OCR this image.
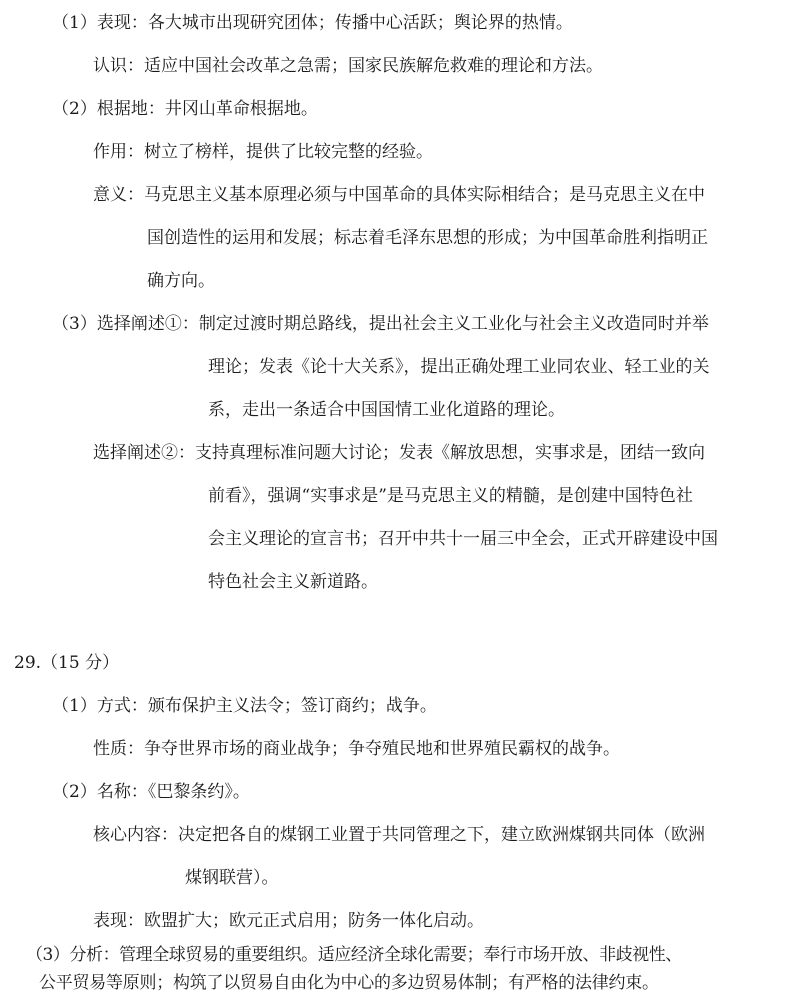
（1）表现：各大城市出现研究团体；传播中心活跃；舆论界的热情。
认识：适应中国社会改革之急需；国家民族解危救难的理论和方法。
（2）根据地：井冈山革命根据地。
作用：树立了榜样，提供了比较完整的经验。
意义：马克思主义基本原理必须与中国革命的具体实际相结合；是马克思主义在中
国创造性的运用和发展；标志着毛泽东思想的形成；为中国革命胜利指明正
确方向。
（3）选择阐述①：制定过渡时期总路线，提出社会主义工业化与社会主义改造同时并举
理论；发表《论十大关系》，提出正确处理工业同农业、轻工业的关
系，走出一条适合中国国情工业化道路的理论。
选择阐述②：支持真理标准问题大讨论；发表《解放思想，实事求是，团结一致向
前看》，强调“实事求是”是马克思主义的精髓，是创建中国特色社
会主义理论的宣言书；召开中共十一届三中全会，正式开辟建设中国
特色社会主义新道路。
29.（15 分）
（1）方式：颁布保护主义法令；签订商约；战争。
性质：争夺世界市场的商业战争；争夺殖民地和世界殖民霸权的战争。
（2）名称：《巴黎条约》。
核心内容：决定把各自的煤钢工业置于共同管理之下，建立欧洲煤钢共同体（欧洲
煤钢联营）。
表现：欧盟扩大；欧元正式启用；防务一体化启动。
（3）分析：管理全球贸易的重要组织。适应经济全球化需要；奉行市场开放、非歧视性、
公平贸易等原则；构筑了以贸易自由化为中心的多边贸易体制；有严格的法律约束。
